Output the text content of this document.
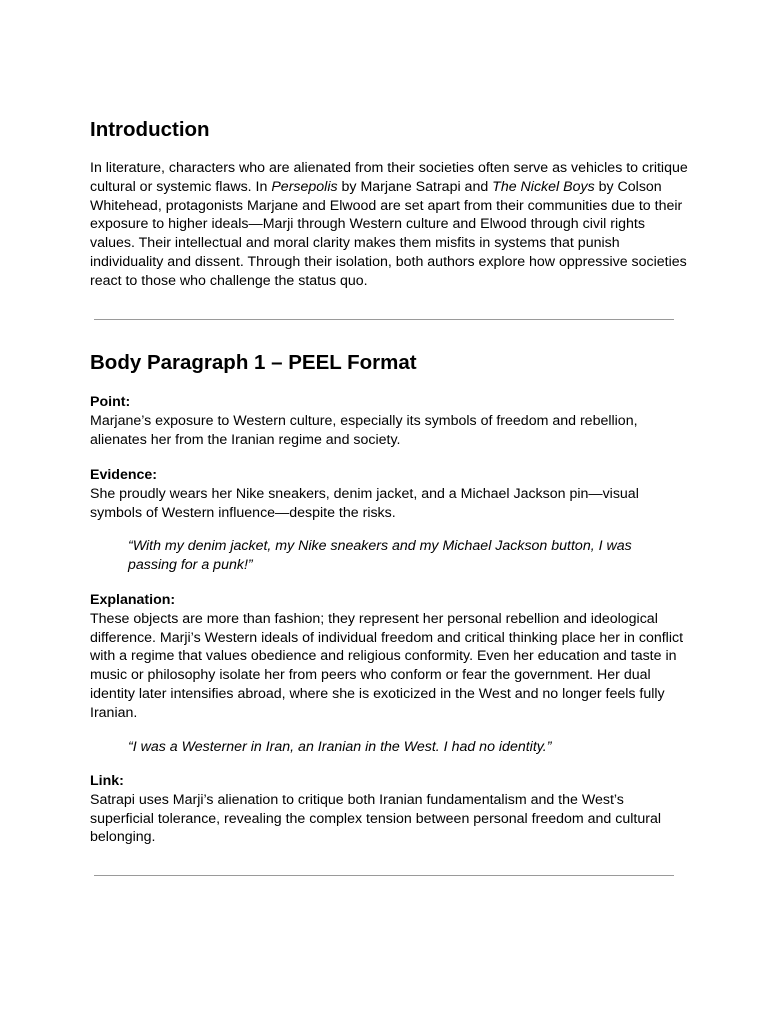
Introduction

In literature, characters who are alienated from their societies often serve as vehicles to critique cultural or systemic flaws. In Persepolis by Marjane Satrapi and The Nickel Boys by Colson Whitehead, protagonists Marjane and Elwood are set apart from their communities due to their exposure to higher ideals—Marji through Western culture and Elwood through civil rights values. Their intellectual and moral clarity makes them misfits in systems that punish individuality and dissent. Through their isolation, both authors explore how oppressive societies react to those who challenge the status quo.

Body Paragraph 1 – PEEL Format
Point:

Marjane’s exposure to Western culture, especially its symbols of freedom and rebellion, alienates her from the Iranian regime and society.

Evidence:

She proudly wears her Nike sneakers, denim jacket, and a Michael Jackson pin—visual symbols of Western influence—despite the risks.

“With my denim jacket, my Nike sneakers and my Michael Jackson button, I was passing for a punk!”

Explanation:

These objects are more than fashion; they represent her personal rebellion and ideological difference. Marji’s Western ideals of individual freedom and critical thinking place her in conflict with a regime that values obedience and religious conformity. Even her education and taste in music or philosophy isolate her from peers who conform or fear the government. Her dual identity later intensifies abroad, where she is exoticized in the West and no longer feels fully Iranian.

“I was a Westerner in Iran, an Iranian in the West. I had no identity.”

Link:

Satrapi uses Marji’s alienation to critique both Iranian fundamentalism and the West’s superficial tolerance, revealing the complex tension between personal freedom and cultural belonging.
